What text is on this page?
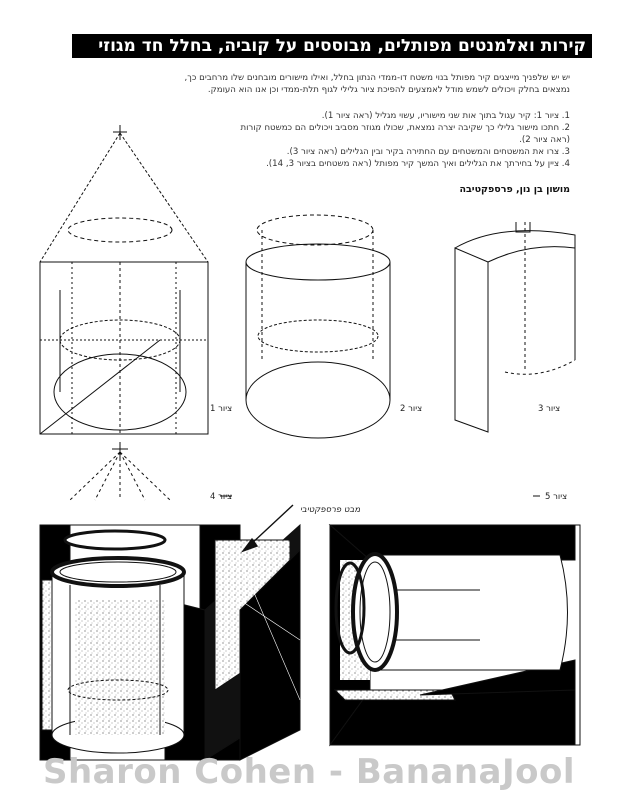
קירות ואלמנטים מפותלים, מבוססים על קוביה, בחלל חד מגוזי

יש יש שלפניך מייצגים קיר מפותל בנוי משטח דו-ממדי הנתון בחלל, ואילו מישורים מובחנים שלו מרחבים כך,

נמצאים בחלק ויכולים לשמש מודל לאמצעים להפיכת ציור גלילי לגוף תלת-ממדי וכן אנו הוא העומק.

1. ציור 1: קיר עגול בתוך אות שני מישוריו, עשוי מגליל (ראה ציור 1).
2. חתכו מישור גלילי כך שקיבה יצרה נמצאת, שכולו מגוזר מסביב ויכולים הם כמשטח קורות
(ראה ציור 2).
3. צרו את המשטחים והמשטחים עם החתירה בקיר ובין הגלילים (ראה ציור 3).
4. ציין על בחירתך את הגלילים ואיך המשך קיר מפותל (ראה משטחים בציור 3, 14).
מושון בן נון, פרספקטיבה
ציור 1	ציור 2	ציור 3
ציור 4	ציור 5
מבט פרספקטיבי
Sharon Cohen - BananaJool
